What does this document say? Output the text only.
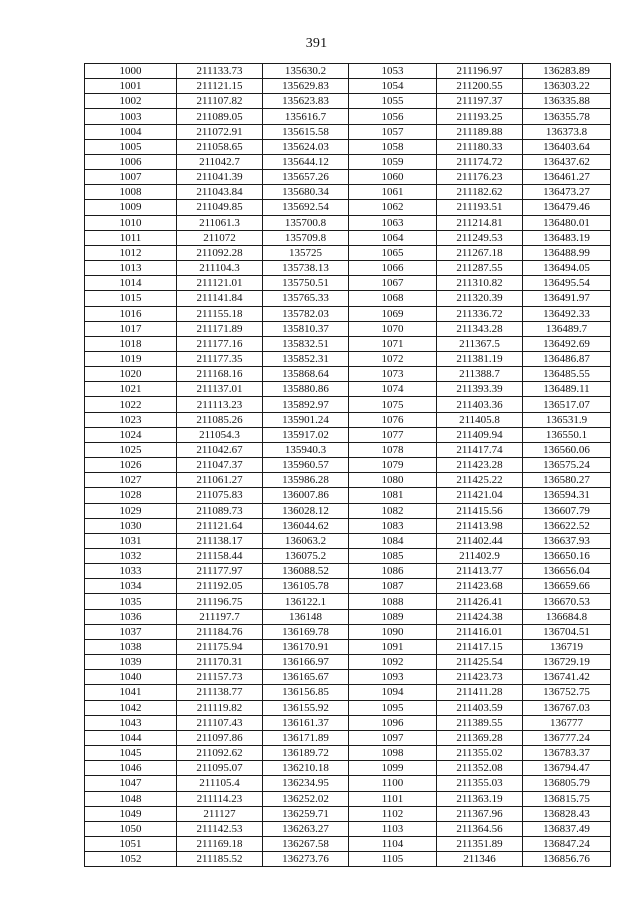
391
1000	211133.73	135630.2	1053	211196.97	136283.89
1001	211121.15	135629.83	1054	211200.55	136303.22
1002	211107.82	135623.83	1055	211197.37	136335.88
1003	211089.05	135616.7	1056	211193.25	136355.78
1004	211072.91	135615.58	1057	211189.88	136373.8
1005	211058.65	135624.03	1058	211180.33	136403.64
1006	211042.7	135644.12	1059	211174.72	136437.62
1007	211041.39	135657.26	1060	211176.23	136461.27
1008	211043.84	135680.34	1061	211182.62	136473.27
1009	211049.85	135692.54	1062	211193.51	136479.46
1010	211061.3	135700.8	1063	211214.81	136480.01
1011	211072	135709.8	1064	211249.53	136483.19
1012	211092.28	135725	1065	211267.18	136488.99
1013	211104.3	135738.13	1066	211287.55	136494.05
1014	211121.01	135750.51	1067	211310.82	136495.54
1015	211141.84	135765.33	1068	211320.39	136491.97
1016	211155.18	135782.03	1069	211336.72	136492.33
1017	211171.89	135810.37	1070	211343.28	136489.7
1018	211177.16	135832.51	1071	211367.5	136492.69
1019	211177.35	135852.31	1072	211381.19	136486.87
1020	211168.16	135868.64	1073	211388.7	136485.55
1021	211137.01	135880.86	1074	211393.39	136489.11
1022	211113.23	135892.97	1075	211403.36	136517.07
1023	211085.26	135901.24	1076	211405.8	136531.9
1024	211054.3	135917.02	1077	211409.94	136550.1
1025	211042.67	135940.3	1078	211417.74	136560.06
1026	211047.37	135960.57	1079	211423.28	136575.24
1027	211061.27	135986.28	1080	211425.22	136580.27
1028	211075.83	136007.86	1081	211421.04	136594.31
1029	211089.73	136028.12	1082	211415.56	136607.79
1030	211121.64	136044.62	1083	211413.98	136622.52
1031	211138.17	136063.2	1084	211402.44	136637.93
1032	211158.44	136075.2	1085	211402.9	136650.16
1033	211177.97	136088.52	1086	211413.77	136656.04
1034	211192.05	136105.78	1087	211423.68	136659.66
1035	211196.75	136122.1	1088	211426.41	136670.53
1036	211197.7	136148	1089	211424.38	136684.8
1037	211184.76	136169.78	1090	211416.01	136704.51
1038	211175.94	136170.91	1091	211417.15	136719
1039	211170.31	136166.97	1092	211425.54	136729.19
1040	211157.73	136165.67	1093	211423.73	136741.42
1041	211138.77	136156.85	1094	211411.28	136752.75
1042	211119.82	136155.92	1095	211403.59	136767.03
1043	211107.43	136161.37	1096	211389.55	136777
1044	211097.86	136171.89	1097	211369.28	136777.24
1045	211092.62	136189.72	1098	211355.02	136783.37
1046	211095.07	136210.18	1099	211352.08	136794.47
1047	211105.4	136234.95	1100	211355.03	136805.79
1048	211114.23	136252.02	1101	211363.19	136815.75
1049	211127	136259.71	1102	211367.96	136828.43
1050	211142.53	136263.27	1103	211364.56	136837.49
1051	211169.18	136267.58	1104	211351.89	136847.24
1052	211185.52	136273.76	1105	211346	136856.76
